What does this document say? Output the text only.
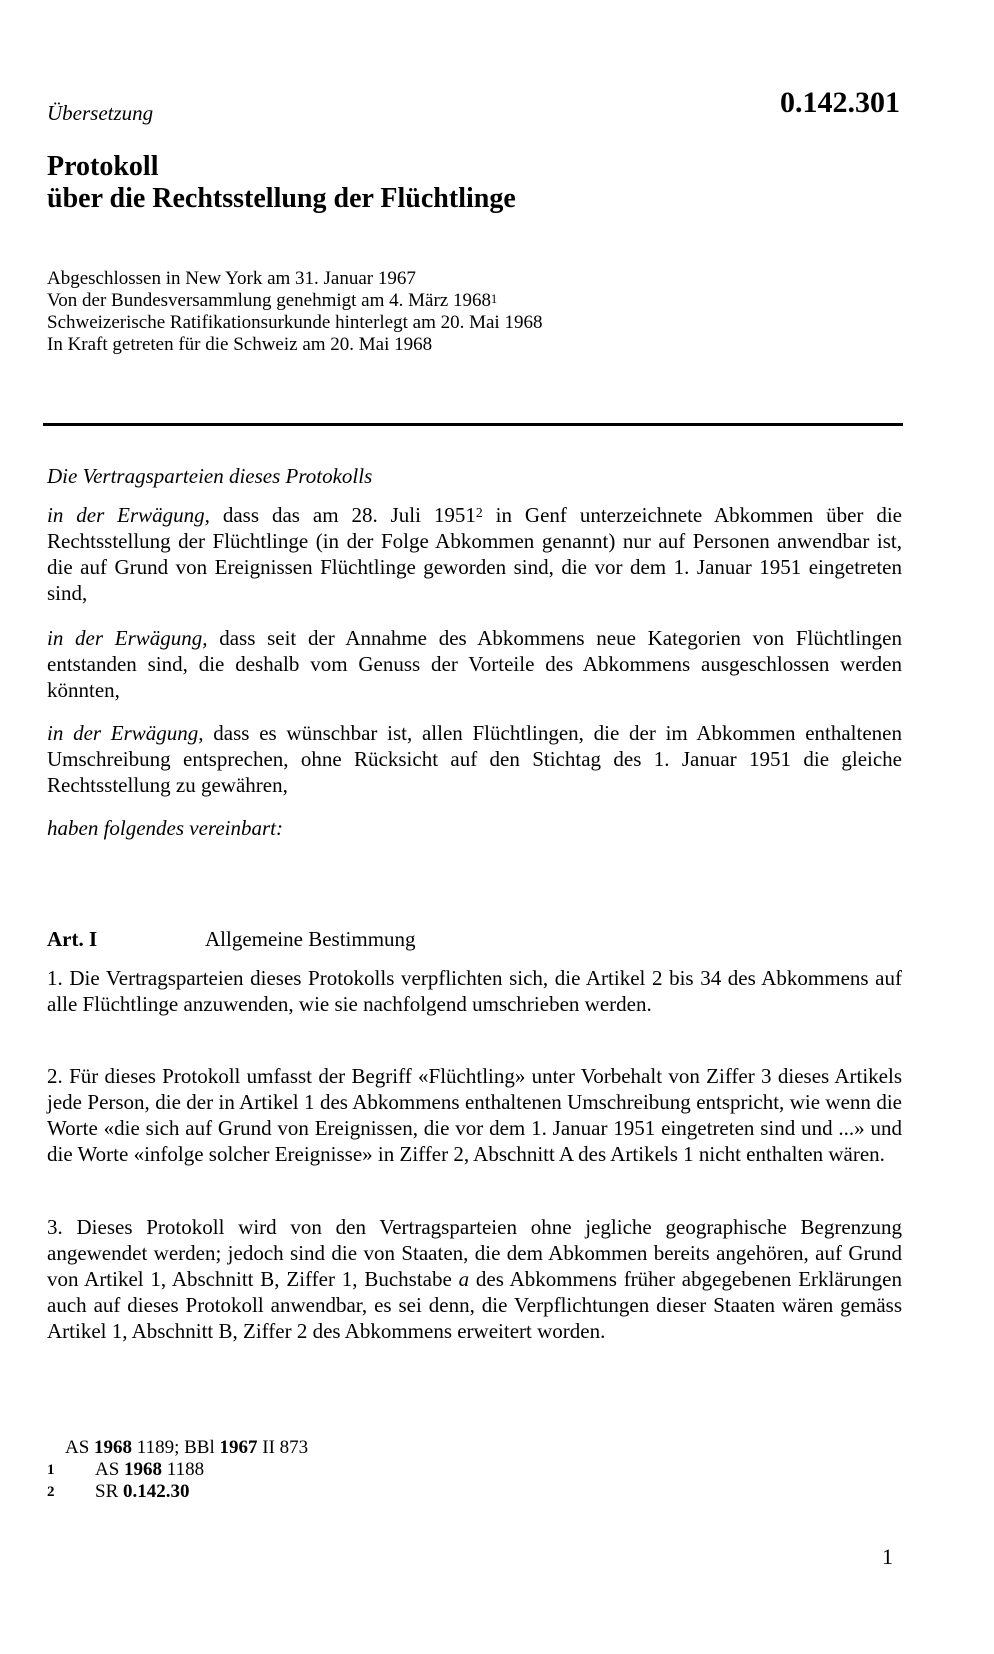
Übersetzung	0.142.301
Protokoll
über die Rechtsstellung der Flüchtlinge
Abgeschlossen in New York am 31. Januar 1967
Von der Bundesversammlung genehmigt am 4. März 1968$^1$
Schweizerische Ratifikationsurkunde hinterlegt am 20. Mai 1968
In Kraft getreten für die Schweiz am 20. Mai 1968
Die Vertragsparteien dieses Protokolls
in der Erwägung, dass das am 28. Juli 1951$^2$ in Genf unterzeichnete Abkommen über die Rechtsstellung der Flüchtlinge (in der Folge Abkommen genannt) nur auf Personen anwendbar ist, die auf Grund von Ereignissen Flüchtlinge geworden sind, die vor dem 1. Januar 1951 eingetreten sind,
in der Erwägung, dass seit der Annahme des Abkommens neue Kategorien von Flüchtlingen entstanden sind, die deshalb vom Genuss der Vorteile des Abkommens ausgeschlossen werden könnten,
in der Erwägung, dass es wünschbar ist, allen Flüchtlingen, die der im Abkommen enthaltenen Umschreibung entsprechen, ohne Rücksicht auf den Stichtag des 1. Januar 1951 die gleiche Rechtsstellung zu gewähren,
haben folgendes vereinbart:
Art. I	Allgemeine Bestimmung
1. Die Vertragsparteien dieses Protokolls verpflichten sich, die Artikel 2 bis 34 des Abkommens auf alle Flüchtlinge anzuwenden, wie sie nachfolgend umschrieben werden.
2. Für dieses Protokoll umfasst der Begriff «Flüchtling» unter Vorbehalt von Ziffer 3 dieses Artikels jede Person, die der in Artikel 1 des Abkommens enthaltenen Umschreibung entspricht, wie wenn die Worte «die sich auf Grund von Ereignissen, die vor dem 1. Januar 1951 eingetreten sind und ...» und die Worte «infolge solcher Ereignisse» in Ziffer 2, Abschnitt A des Artikels 1 nicht enthalten wären.
3. Dieses Protokoll wird von den Vertragsparteien ohne jegliche geographische Begrenzung angewendet werden; jedoch sind die von Staaten, die dem Abkommen bereits angehören, auf Grund von Artikel 1, Abschnitt B, Ziffer 1, Buchstabe a des Abkommens früher abgegebenen Erklärungen auch auf dieses Protokoll anwendbar, es sei denn, die Verpflichtungen dieser Staaten wären gemäss Artikel 1, Abschnitt B, Ziffer 2 des Abkommens erweitert worden.
AS 1968 1189; BBl 1967 II 873
1 AS 1968 1188
2 SR 0.142.30
1
